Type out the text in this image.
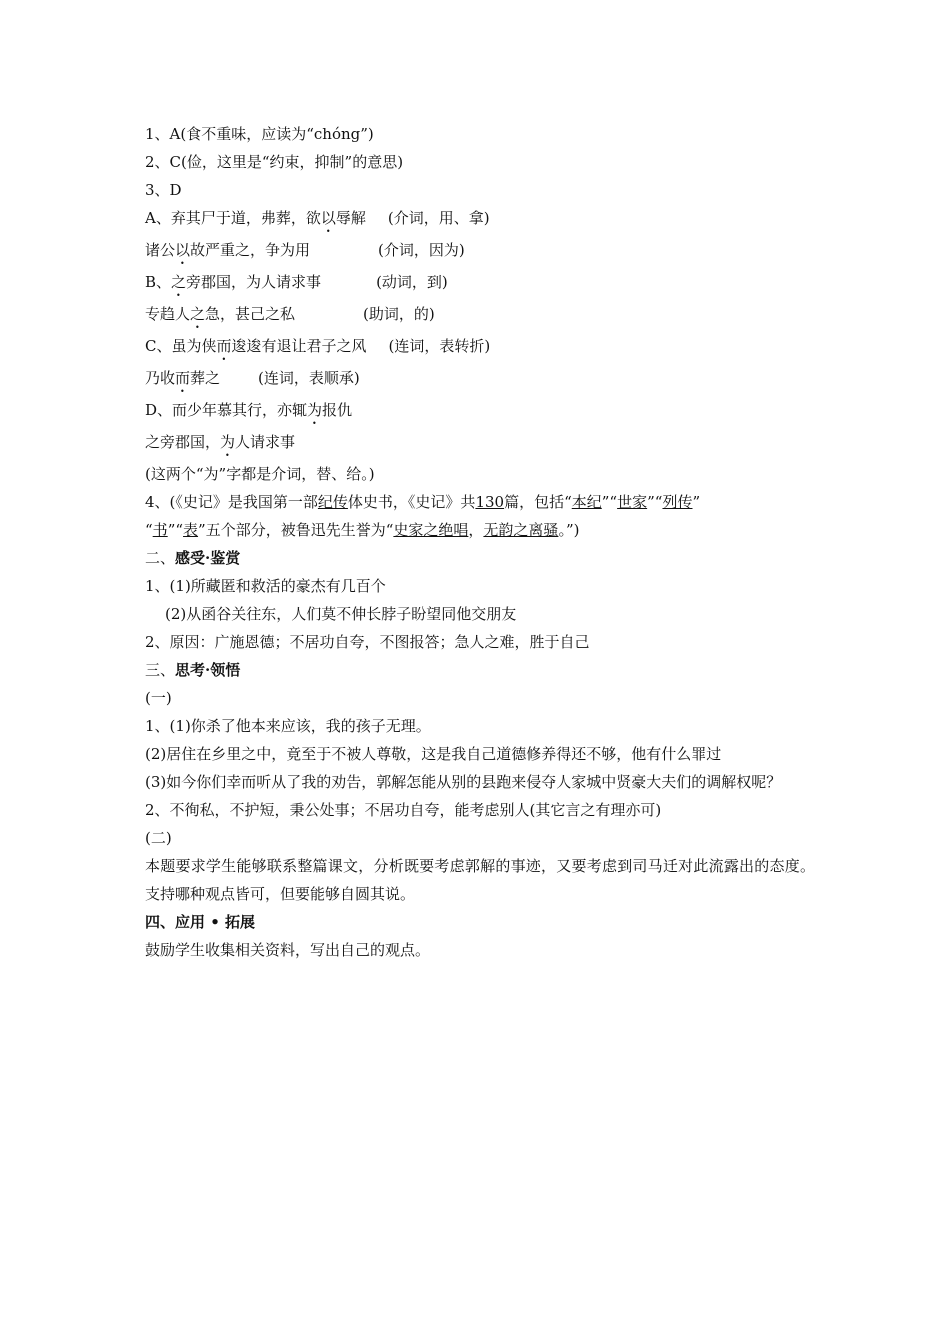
1、A(食不重味，应读为“chóng”)
2、C(俭，这里是“约束，抑制”的意思)
3、D
A、弃其尸于道，弗葬，欲以辱解 (介词，用、拿)
诸公以故严重之，争为用	(介词，因为)
B、之旁郡国，为人请求事	(动词，到)
专趋人之急，甚己之私	(助词，的)
C、虽为侠而逡逡有退让君子之风 (连词，表转折)
乃收而葬之	(连词，表顺承)
D、而少年慕其行，亦辄为报仇
之旁郡国，为人请求事
(这两个“为”字都是介词，替、给。)
4、(《史记》是我国第一部纪传体史书，《史记》共130篇，包括“本纪”“世家”“列传”
“书”“表”五个部分，被鲁迅先生誉为“史家之绝唱，无韵之离骚。”)
二、感受·鉴赏
1、(1)所藏匿和救活的豪杰有几百个
(2)从函谷关往东，人们莫不伸长脖子盼望同他交朋友
2、原因：广施恩德；不居功自夸，不图报答；急人之难，胜于自己
三、思考·领悟
(一)
1、(1)你杀了他本来应该，我的孩子无理。
(2)居住在乡里之中，竟至于不被人尊敬，这是我自己道德修养得还不够，他有什么罪过
(3)如今你们幸而听从了我的劝告，郭解怎能从别的县跑来侵夺人家城中贤豪大夫们的调解权呢？
2、不徇私，不护短，秉公处事；不居功自夸，能考虑别人(其它言之有理亦可)
(二)
本题要求学生能够联系整篇课文，分析既要考虑郭解的事迹，又要考虑到司马迁对此流露出的态度。支持哪种观点皆可，但要能够自圆其说。
四、应用 • 拓展
鼓励学生收集相关资料，写出自己的观点。
